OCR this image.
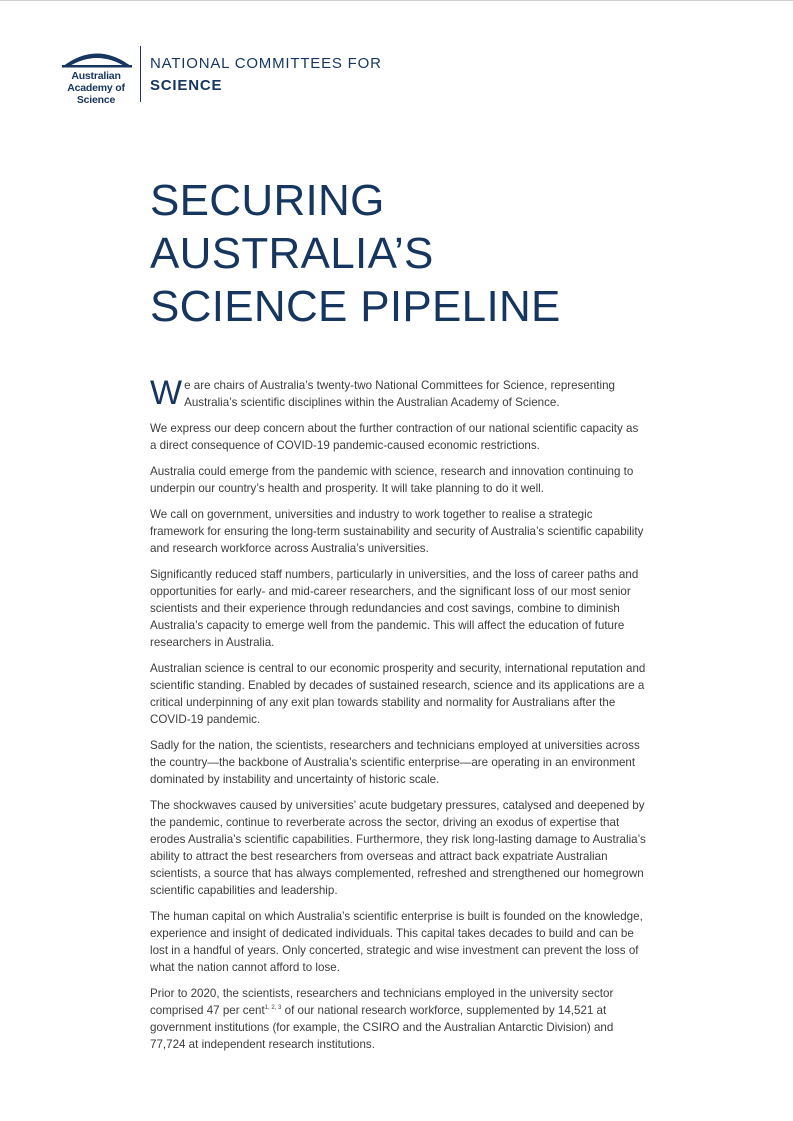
Australian
Academy of
Science
NATIONAL COMMITTEES FOR
SCIENCE
SECURING
AUSTRALIA’S
SCIENCE PIPELINE

We are chairs of Australia’s twenty-two National Committees for Science, representing Australia’s scientific disciplines within the Australian Academy of Science.

We express our deep concern about the further contraction of our national scientific capacity as a direct consequence of COVID-19 pandemic-caused economic restrictions.

Australia could emerge from the pandemic with science, research and innovation continuing to underpin our country’s health and prosperity. It will take planning to do it well.

We call on government, universities and industry to work together to realise a strategic framework for ensuring the long-term sustainability and security of Australia’s scientific capability and research workforce across Australia’s universities.

Significantly reduced staff numbers, particularly in universities, and the loss of career paths and opportunities for early- and mid-career researchers, and the significant loss of our most senior scientists and their experience through redundancies and cost savings, combine to diminish Australia’s capacity to emerge well from the pandemic. This will affect the education of future researchers in Australia.

Australian science is central to our economic prosperity and security, international reputation and scientific standing. Enabled by decades of sustained research, science and its applications are a critical underpinning of any exit plan towards stability and normality for Australians after the COVID-19 pandemic.

Sadly for the nation, the scientists, researchers and technicians employed at universities across the country—the backbone of Australia’s scientific enterprise—are operating in an environment dominated by instability and uncertainty of historic scale.

The shockwaves caused by universities’ acute budgetary pressures, catalysed and deepened by the pandemic, continue to reverberate across the sector, driving an exodus of expertise that erodes Australia’s scientific capabilities. Furthermore, they risk long-lasting damage to Australia’s ability to attract the best researchers from overseas and attract back expatriate Australian scientists, a source that has always complemented, refreshed and strengthened our homegrown scientific capabilities and leadership.

The human capital on which Australia’s scientific enterprise is built is founded on the knowledge, experience and insight of dedicated individuals. This capital takes decades to build and can be lost in a handful of years. Only concerted, strategic and wise investment can prevent the loss of what the nation cannot afford to lose.

Prior to 2020, the scientists, researchers and technicians employed in the university sector comprised 47 per cent$^{1, 2, 3}$ of our national research workforce, supplemented by 14,521 at government institutions (for example, the CSIRO and the Australian Antarctic Division) and 77,724 at independent research institutions.
